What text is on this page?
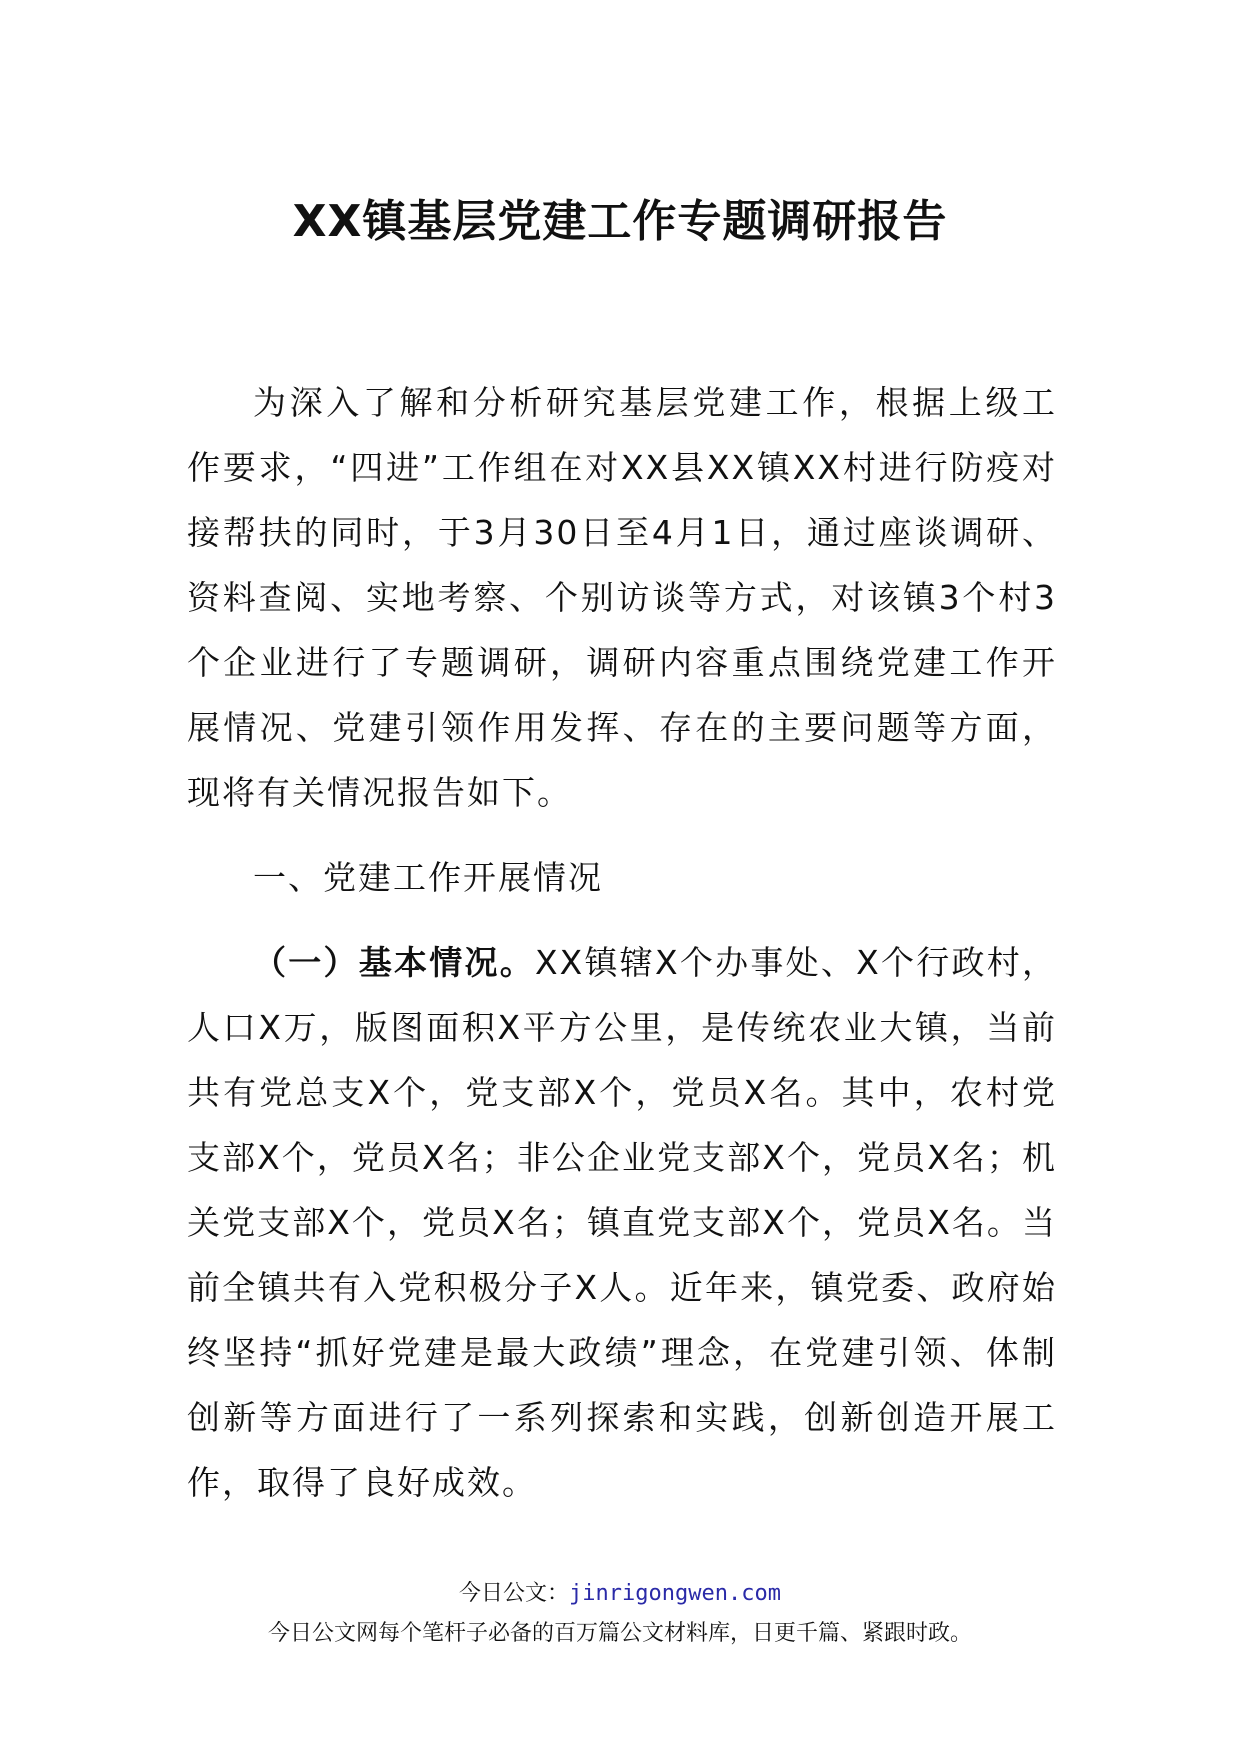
XX镇基层党建工作专题调研报告

为深入了解和分析研究基层党建工作，根据上级工作要求，“四进”工作组在对XX县XX镇XX村进行防疫对接帮扶的同时，于3月30日至4月1日，通过座谈调研、资料查阅、实地考察、个别访谈等方式，对该镇3个村3个企业进行了专题调研，调研内容重点围绕党建工作开展情况、党建引领作用发挥、存在的主要问题等方面，现将有关情况报告如下。

一、党建工作开展情况

（一）基本情况。XX镇辖X个办事处、X个行政村，人口X万，版图面积X平方公里，是传统农业大镇，当前共有党总支X个，党支部X个，党员X名。其中，农村党支部X个，党员X名；非公企业党支部X个，党员X名；机关党支部X个，党员X名；镇直党支部X个，党员X名。当前全镇共有入党积极分子X人。近年来，镇党委、政府始终坚持“抓好党建是最大政绩”理念，在党建引领、体制创新等方面进行了一系列探索和实践，创新创造开展工作，取得了良好成效。

今日公文：jinrigongwen.com
今日公文网每个笔杆子必备的百万篇公文材料库，日更千篇、紧跟时政。
